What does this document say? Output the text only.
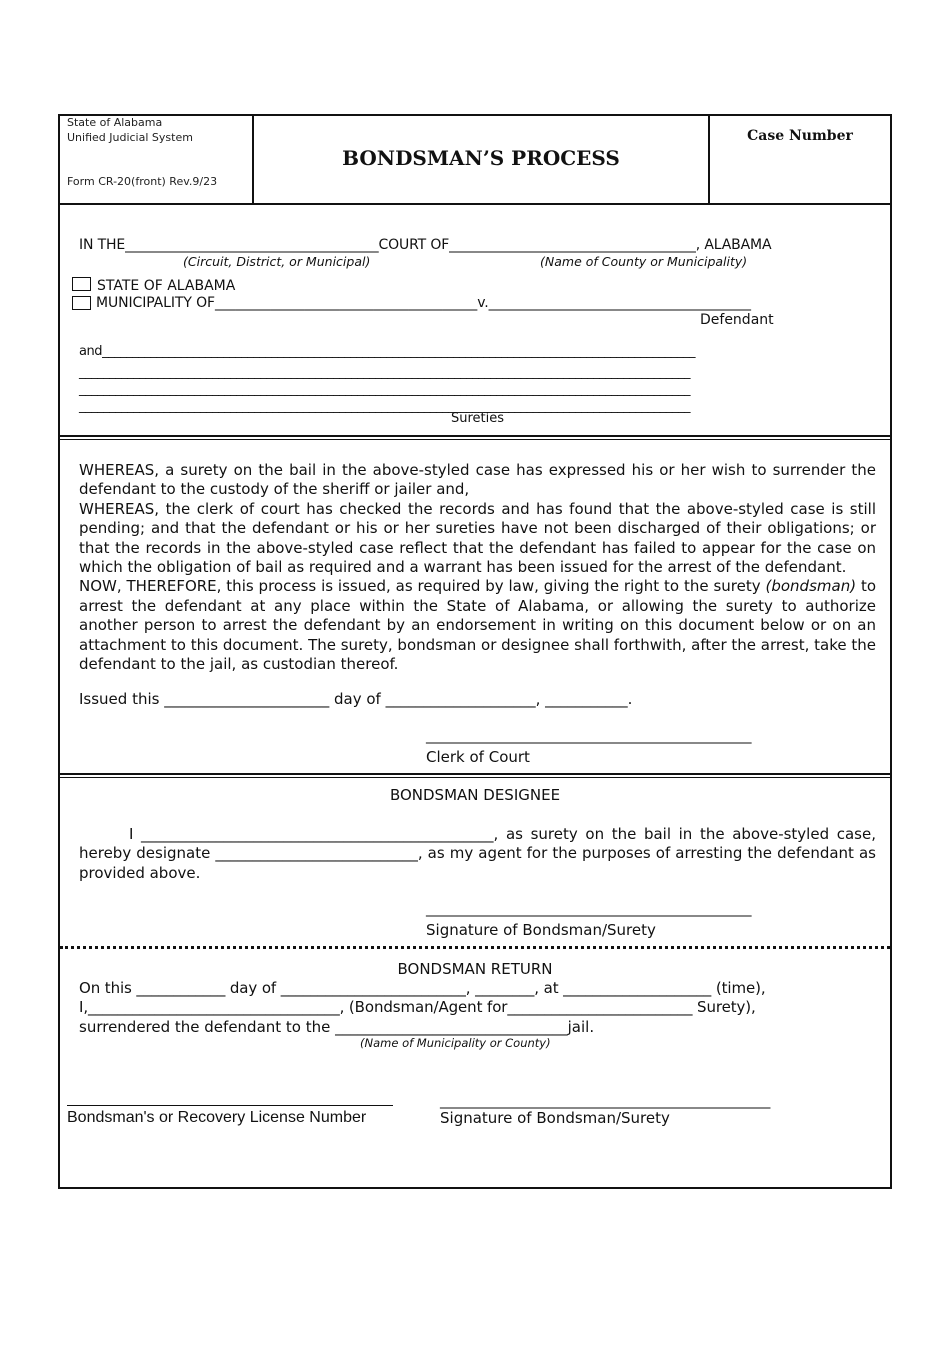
State of Alabama
Unified Judicial System
Form CR-20(front) Rev.9/23
BONDSMAN’S PROCESS
Case Number
IN THE_____________________________________COURT OF____________________________________, ALABAMA
(Circuit, District, or Municipal)	(Name of County or Municipality)
STATE OF ALABAMA
MUNICIPALITY OF______________________________________v.______________________________________
Defendant
and__________________________________________________________________________________________________
_____________________________________________________________________________________________________
_____________________________________________________________________________________________________
_____________________________________________________________________________________________________
Sureties

WHEREAS, a surety on the bail in the above-styled case has expressed his or her wish to surrender the defendant to the custody of the sheriff or jailer and,

WHEREAS, the clerk of court has checked the records and has found that the above-styled case is still pending; and that the defendant or his or her sureties have not been discharged of their obligations; or that the records in the above-styled case reflect that the defendant has failed to appear for the case on which the obligation of bail as required and a warrant has been issued for the arrest of the defendant.

NOW, THEREFORE, this process is issued, as required by law, giving the right to the surety (bondsman) to arrest the defendant at any place within the State of Alabama, or allowing the surety to authorize another person to arrest the defendant by an endorsement in writing on this document below or on an attachment to this document. The surety, bondsman or designee shall forthwith, after the arrest, take the defendant to the jail, as custodian thereof.

Issued this ______________________ day of ____________________, ___________.
__________________________________________________
Clerk of Court
BONDSMAN DESIGNEE
I _______________________________________________, as surety on the bail in the above-styled case, hereby designate ___________________________, as my agent for the purposes of arresting the defendant as provided above.
__________________________________________________
Signature of Bondsman/Surety
BONDSMAN RETURN
On this ____________ day of _________________________, ________, at ____________________ (time),
I,__________________________________, (Bondsman/Agent for_________________________ Surety),
surrendered the defendant to the _______________________________jail.
(Name of Municipality or County)
Bondsman's or Recovery License Number
__________________________________________________
Signature of Bondsman/Surety
